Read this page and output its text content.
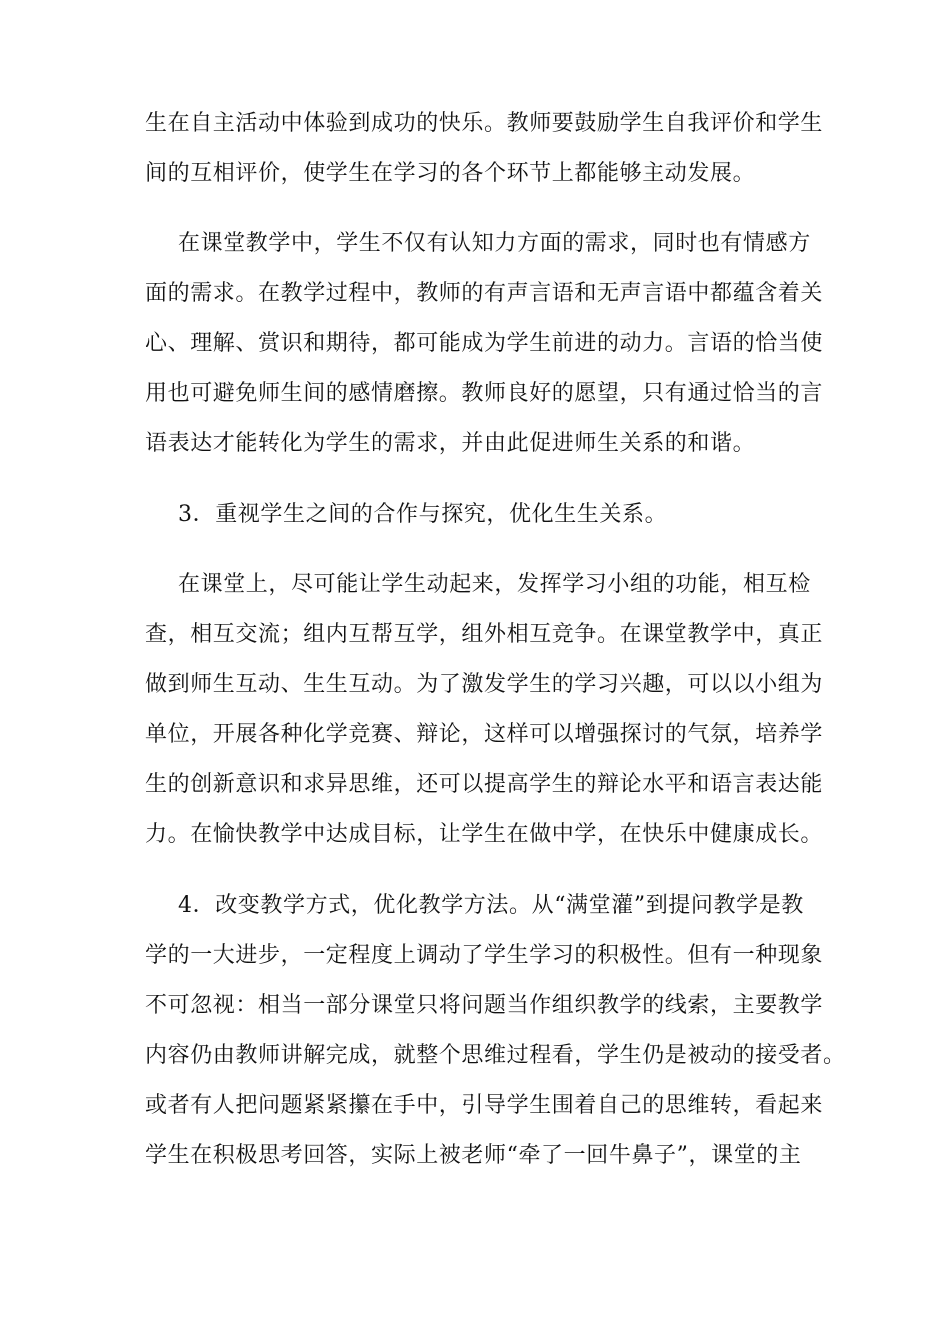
生在自主活动中体验到成功的快乐。教师要鼓励学生自我评价和学生
间的互相评价，使学生在学习的各个环节上都能够主动发展。
在课堂教学中，学生不仅有认知力方面的需求，同时也有情感方
面的需求。在教学过程中，教师的有声言语和无声言语中都蕴含着关
心、理解、赏识和期待，都可能成为学生前进的动力。言语的恰当使
用也可避免师生间的感情磨擦。教师良好的愿望，只有通过恰当的言
语表达才能转化为学生的需求，并由此促进师生关系的和谐。
3．重视学生之间的合作与探究，优化生生关系。
在课堂上，尽可能让学生动起来，发挥学习小组的功能，相互检
查，相互交流；组内互帮互学，组外相互竞争。在课堂教学中，真正
做到师生互动、生生互动。为了激发学生的学习兴趣，可以以小组为
单位，开展各种化学竞赛、辩论，这样可以增强探讨的气氛，培养学
生的创新意识和求异思维，还可以提高学生的辩论水平和语言表达能
力。在愉快教学中达成目标，让学生在做中学，在快乐中健康成长。
4．改变教学方式，优化教学方法。从“满堂灌”到提问教学是教
学的一大进步，一定程度上调动了学生学习的积极性。但有一种现象
不可忽视：相当一部分课堂只将问题当作组织教学的线索，主要教学
内容仍由教师讲解完成，就整个思维过程看，学生仍是被动的接受者。
或者有人把问题紧紧攥在手中，引导学生围着自己的思维转，看起来
学生在积极思考回答，实际上被老师“牵了一回牛鼻子”，课堂的主
